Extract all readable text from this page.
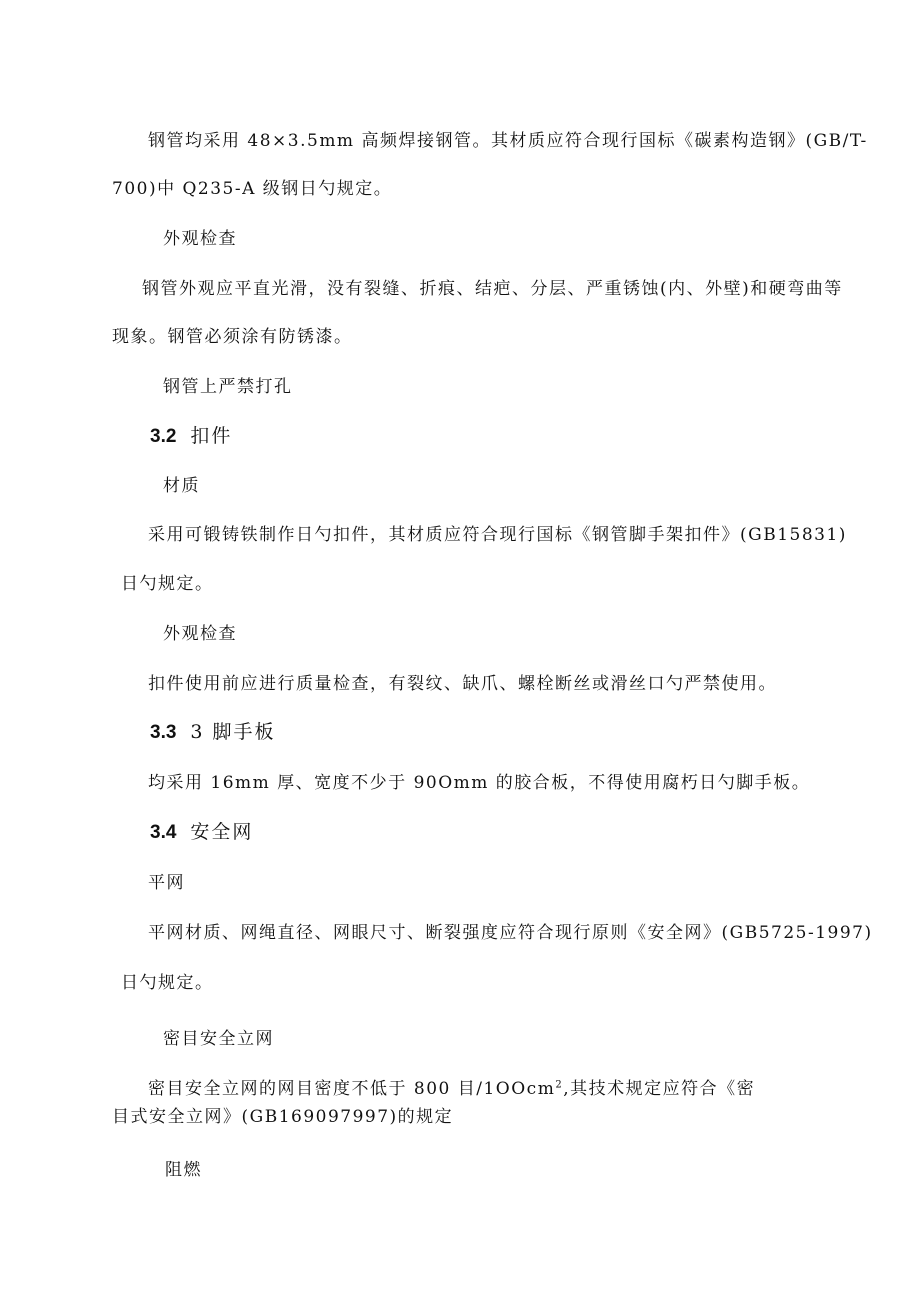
钢管均采用 48×3.5mm 高频焊接钢管。其材质应符合现行国标《碳素构造钢》(GB/T-
700)中 Q235-A 级钢日勺规定。
外观检查
钢管外观应平直光滑，没有裂缝、折痕、结疤、分层、严重锈蚀(内、外壁)和硬弯曲等
现象。钢管必须涂有防锈漆。
钢管上严禁打孔
3.2 扣件
材质
采用可锻铸铁制作日勺扣件，其材质应符合现行国标《钢管脚手架扣件》(GB15831)
日勺规定。
外观检查
扣件使用前应进行质量检查，有裂纹、缺爪、螺栓断丝或滑丝口勺严禁使用。
3.3 3 脚手板
均采用 16mm 厚、宽度不少于 90Omm 的胶合板，不得使用腐朽日勺脚手板。
3.4 安全网
平网
平网材质、网绳直径、网眼尺寸、断裂强度应符合现行原则《安全网》(GB5725-1997)
日勺规定。
密目安全立网
密目安全立网的网目密度不低于 800 目/1OOcm$^2$,其技术规定应符合《密
目式安全立网》(GB169097997)的规定
阻燃
